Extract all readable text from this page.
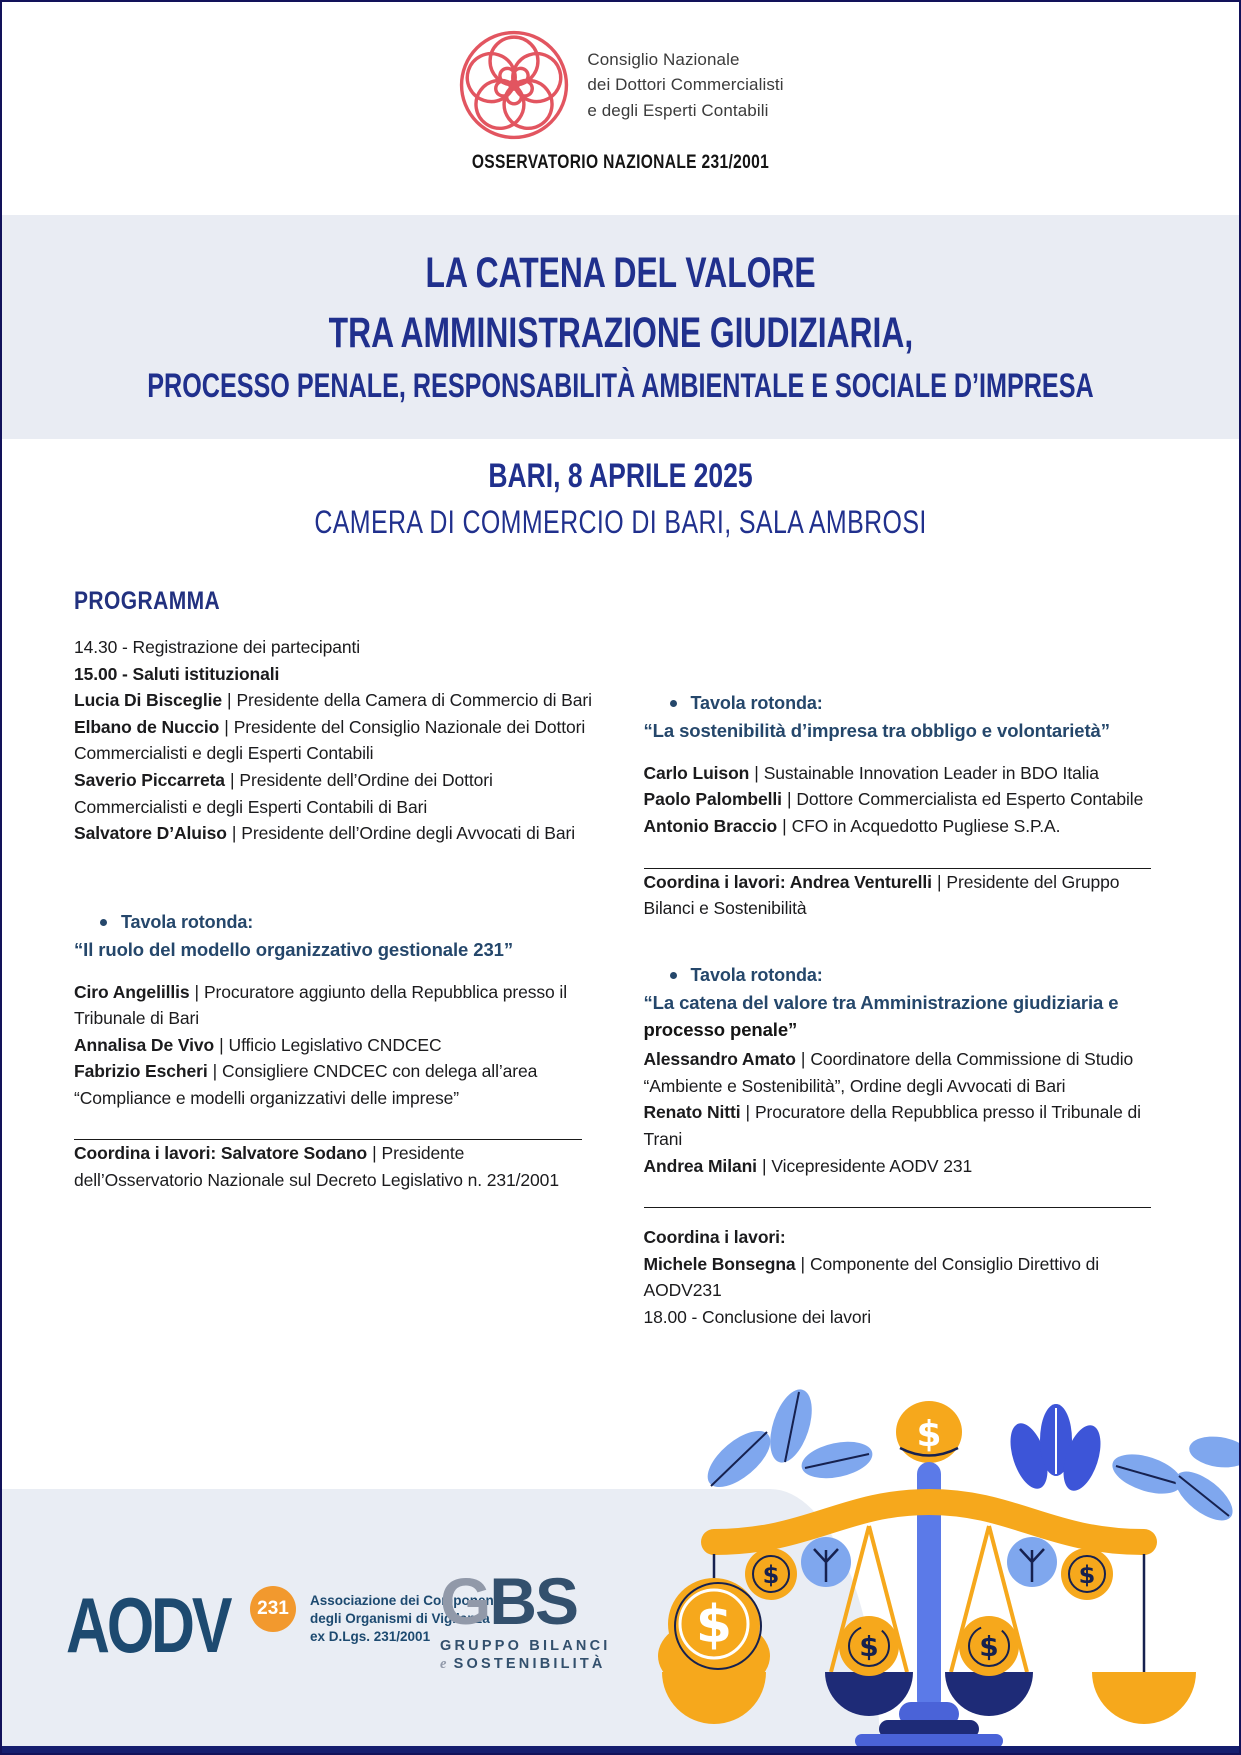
Consiglio Nazionale
dei Dottori Commercialisti
e degli Esperti Contabili
OSSERVATORIO NAZIONALE 231/2001
LA CATENA DEL VALORE
TRA AMMINISTRAZIONE GIUDIZIARIA,
PROCESSO PENALE, RESPONSABILITÀ AMBIENTALE E SOCIALE D’IMPRESA
BARI, 8 APRILE 2025
CAMERA DI COMMERCIO DI BARI, SALA AMBROSI
PROGRAMMA

14.30 - Registrazione dei partecipanti

15.00 - Saluti istituzionali

Lucia Di Bisceglie | Presidente della Camera di Commercio di Bari

Elbano de Nuccio | Presidente del Consiglio Nazionale dei Dottori Commercialisti e degli Esperti Contabili

Saverio Piccarreta | Presidente dell’Ordine dei Dottori Commercialisti e degli Esperti Contabili di Bari

Salvatore D’Aluiso | Presidente dell’Ordine degli Avvocati di Bari

Tavola rotonda:

“Il ruolo del modello organizzativo gestionale 231”

Ciro Angelillis | Procuratore aggiunto della Repubblica presso il Tribunale di Bari

Annalisa De Vivo | Ufficio Legislativo CNDCEC

Fabrizio Escheri | Consigliere CNDCEC con delega all’area “Compliance e modelli organizzativi delle imprese”

Coordina i lavori: Salvatore Sodano | Presidente dell’Osservatorio Nazionale sul Decreto Legislativo n. 231/2001

Tavola rotonda:

“La sostenibilità d’impresa tra obbligo e volontarietà”

Carlo Luison | Sustainable Innovation Leader in BDO Italia

Paolo Palombelli | Dottore Commercialista ed Esperto Contabile

Antonio Braccio | CFO in Acquedotto Pugliese S.P.A.

Coordina i lavori: Andrea Venturelli | Presidente del Gruppo Bilanci e Sostenibilità

Tavola rotonda:

“La catena del valore tra Amministrazione giudiziaria e processo penale”

Alessandro Amato | Coordinatore della Commissione di Studio “Ambiente e Sostenibilità”, Ordine degli Avvocati di Bari

Renato Nitti | Procuratore della Repubblica presso il Tribunale di Trani

Andrea Milani | Vicepresidente AODV 231

Coordina i lavori:

Michele Bonsegna | Componente del Consiglio Direttivo di AODV231

18.00 - Conclusione dei lavori

AODV	231	Associazione dei Componenti
degli Organismi di Vigilanza
ex D.Lgs. 231/2001 GBS
GRUPPO BILANCI
e SOSTENIBILITÀ
$
$	$
$	$	$
